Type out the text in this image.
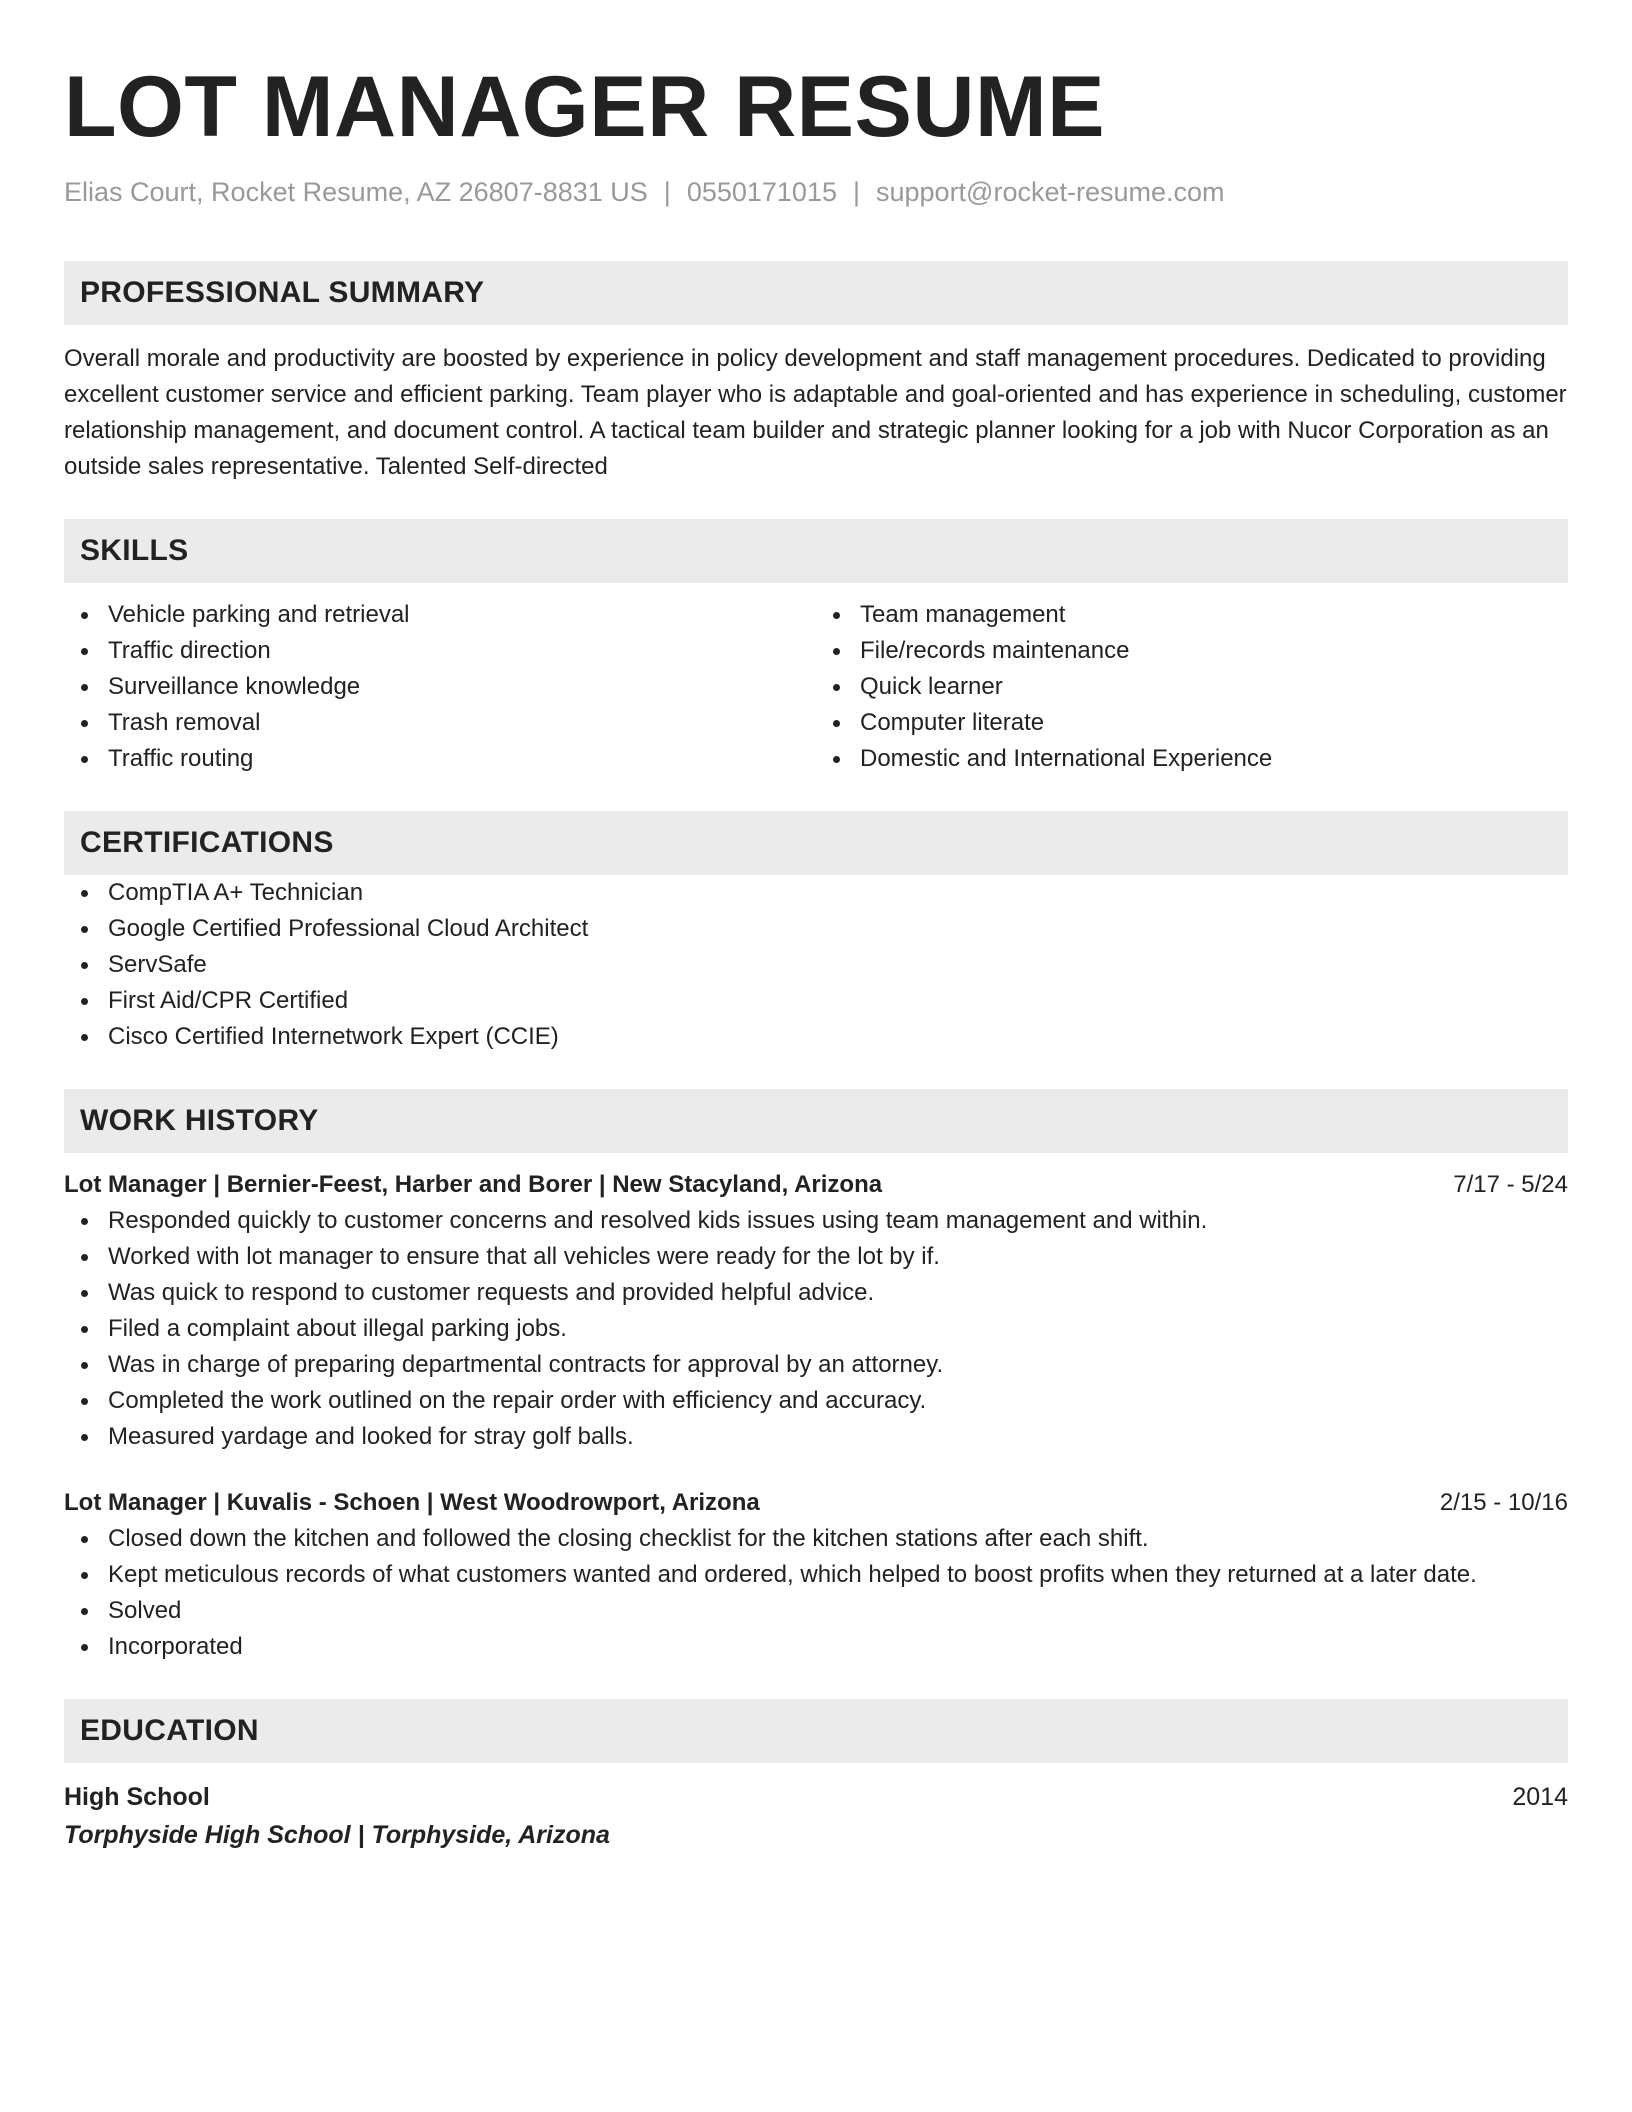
LOT MANAGER RESUME
Elias Court, Rocket Resume, AZ 26807-8831 US | 0550171015 | support@rocket-resume.com
PROFESSIONAL SUMMARY

Overall morale and productivity are boosted by experience in policy development and staff management procedures. Dedicated to providing excellent customer service and efficient parking. Team player who is adaptable and goal-oriented and has experience in scheduling, customer relationship management, and document control. A tactical team builder and strategic planner looking for a job with Nucor Corporation as an outside sales representative. Talented Self-directed

SKILLS
Vehicle parking and retrieval
Traffic direction
Surveillance knowledge
Trash removal
Traffic routing
Team management
File/records maintenance
Quick learner
Computer literate
Domestic and International Experience
CERTIFICATIONS
CompTIA A+ Technician
Google Certified Professional Cloud Architect
ServSafe
First Aid/CPR Certified
Cisco Certified Internetwork Expert (CCIE)
WORK HISTORY
Lot Manager | Bernier-Feest, Harber and Borer | New Stacyland, Arizona	7/17 - 5/24
Responded quickly to customer concerns and resolved kids issues using team management and within.
Worked with lot manager to ensure that all vehicles were ready for the lot by if.
Was quick to respond to customer requests and provided helpful advice.
Filed a complaint about illegal parking jobs.
Was in charge of preparing departmental contracts for approval by an attorney.
Completed the work outlined on the repair order with efficiency and accuracy.
Measured yardage and looked for stray golf balls.
Lot Manager | Kuvalis - Schoen | West Woodrowport, Arizona	2/15 - 10/16
Closed down the kitchen and followed the closing checklist for the kitchen stations after each shift.
Kept meticulous records of what customers wanted and ordered, which helped to boost profits when they returned at a later date.
Solved
Incorporated
EDUCATION
High School	2014
Torphyside High School | Torphyside, Arizona
